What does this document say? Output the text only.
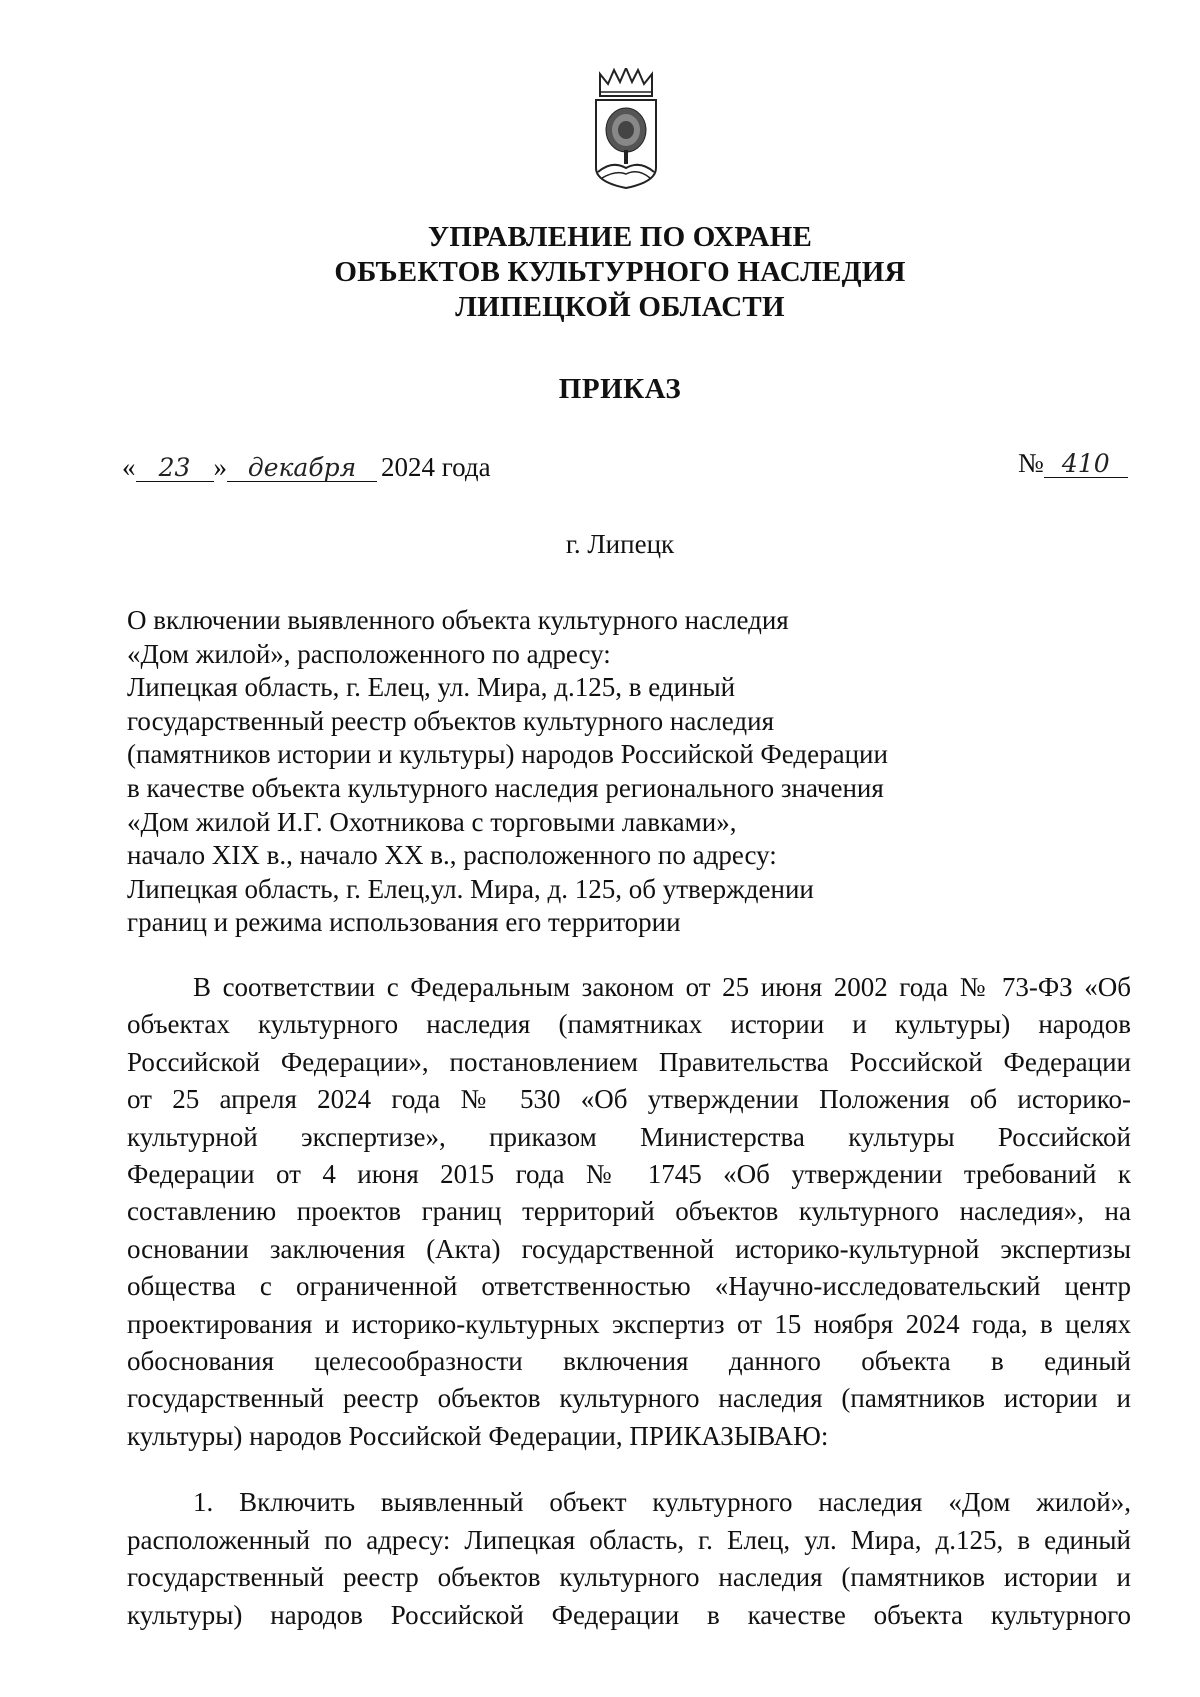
УПРАВЛЕНИЕ ПО ОХРАНЕ
ОБЪЕКТОВ КУЛЬТУРНОГО НАСЛЕДИЯ
ЛИПЕЦКОЙ ОБЛАСТИ
ПРИКАЗ
« 23 » декабря 2024 года	№ 410
г. Липецк
О включении выявленного объекта культурного наследия
«Дом жилой», расположенного по адресу:
Липецкая область, г. Елец, ул. Мира, д.125, в единый
государственный реестр объектов культурного наследия
(памятников истории и культуры) народов Российской Федерации
в качестве объекта культурного наследия регионального значения
«Дом жилой И.Г. Охотникова с торговыми лавками»,
начало XIX в., начало XX в., расположенного по адресу:
Липецкая область, г. Елец,ул. Мира, д. 125, об утверждении
границ и режима использования его территории
В соответствии с Федеральным законом от 25 июня 2002 года № 73-ФЗ «Об
объектах культурного наследия (памятниках истории и культуры) народов
Российской Федерации», постановлением Правительства Российской Федерации
от 25 апреля 2024 года № 530 «Об утверждении Положения об историко-
культурной экспертизе», приказом Министерства культуры Российской
Федерации от 4 июня 2015 года № 1745 «Об утверждении требований к
составлению проектов границ территорий объектов культурного наследия», на
основании заключения (Акта) государственной историко-культурной экспертизы
общества с ограниченной ответственностью «Научно-исследовательский центр
проектирования и историко-культурных экспертиз от 15 ноября 2024 года, в целях
обоснования целесообразности включения данного объекта в единый
государственный реестр объектов культурного наследия (памятников истории и
культуры) народов Российской Федерации, ПРИКАЗЫВАЮ:
1. Включить выявленный объект культурного наследия «Дом жилой»,
расположенный по адресу: Липецкая область, г. Елец, ул. Мира, д.125, в единый
государственный реестр объектов культурного наследия (памятников истории и
культуры) народов Российской Федерации в качестве объекта культурного
